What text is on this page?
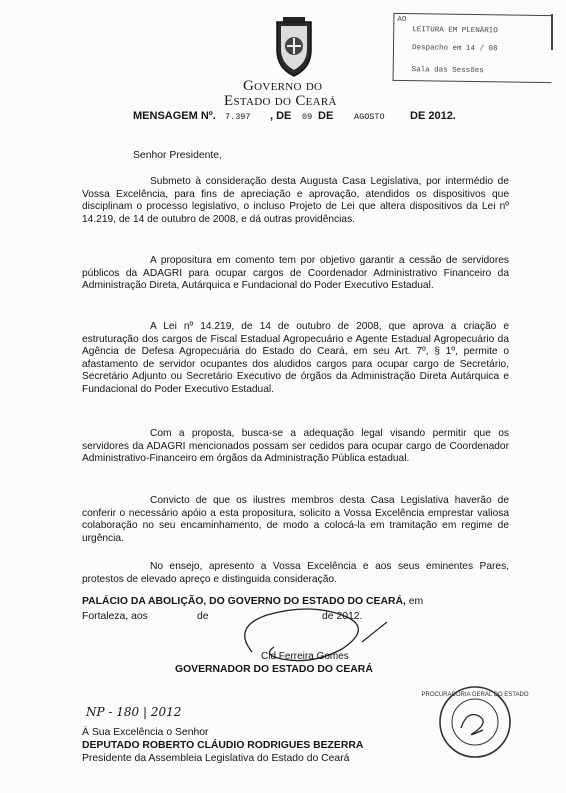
Governo do
Estado do Ceará
MENSAGEM Nº. 7.397 , DE 09 DE AGOSTO DE 2012.
AO
LEITURA EM PLENÁRIO
Despacho em 14 / 08
Sala das Sessões
Senhor Presidente,
Submeto à consideração desta Augusta Casa Legislativa, por intermédio de Vossa Excelência, para fins de apreciação e aprovação, atendidos os dispositivos que disciplinam o processo legislativo, o incluso Projeto de Lei que altera dispositivos da Lei nº 14.219, de 14 de outubro de 2008, e dá outras providências.
A propositura em comento tem por objetivo garantir a cessão de servidores públicos da ADAGRI para ocupar cargos de Coordenador Administrativo Financeiro da Administração Direta, Autárquica e Fundacional do Poder Executivo Estadual.
A Lei nº 14.219, de 14 de outubro de 2008, que aprova a criação e estruturação dos cargos de Fiscal Estadual Agropecuário e Agente Estadual Agropecuário da Agência de Defesa Agropecuária do Estado do Ceará, em seu Art. 7º, § 1º, permite o afastamento de servidor ocupantes dos aludidos cargos para ocupar cargo de Secretário, Secretário Adjunto ou Secretário Executivo de órgãos da Administração Direta Autárquica e Fundacional do Poder Executivo Estadual.
Com a proposta, busca-se a adequação legal visando permitir que os servidores da ADAGRI mencionados possam ser cedidos para ocupar cargo de Coordenador Administrativo-Financeiro em órgãos da Administração Pública estadual.
Convicto de que os ilustres membros desta Casa Legislativa haverão de conferir o necessário apóio a esta propositura, solicito a Vossa Excelência emprestar valiosa colaboração no seu encaminhamento, de modo a colocá-la em tramitação em regime de urgência.
No ensejo, apresento a Vossa Excelência e aos seus eminentes Pares, protestos de elevado apreço e distinguida consideração.
PALÁCIO DA ABOLIÇÃO, DO GOVERNO DO ESTADO DO CEARÁ, em
Fortaleza, aos	de	de 2012.
Cid Ferreira Gomes
GOVERNADOR DO ESTADO DO CEARÁ
NP - 180 | 2012
PROCURADORIA GERAL DO ESTADO
À Sua Excelência o Senhor
DEPUTADO ROBERTO CLÁUDIO RODRIGUES BEZERRA
Presidente da Assembleia Legislativa do Estado do Ceará
